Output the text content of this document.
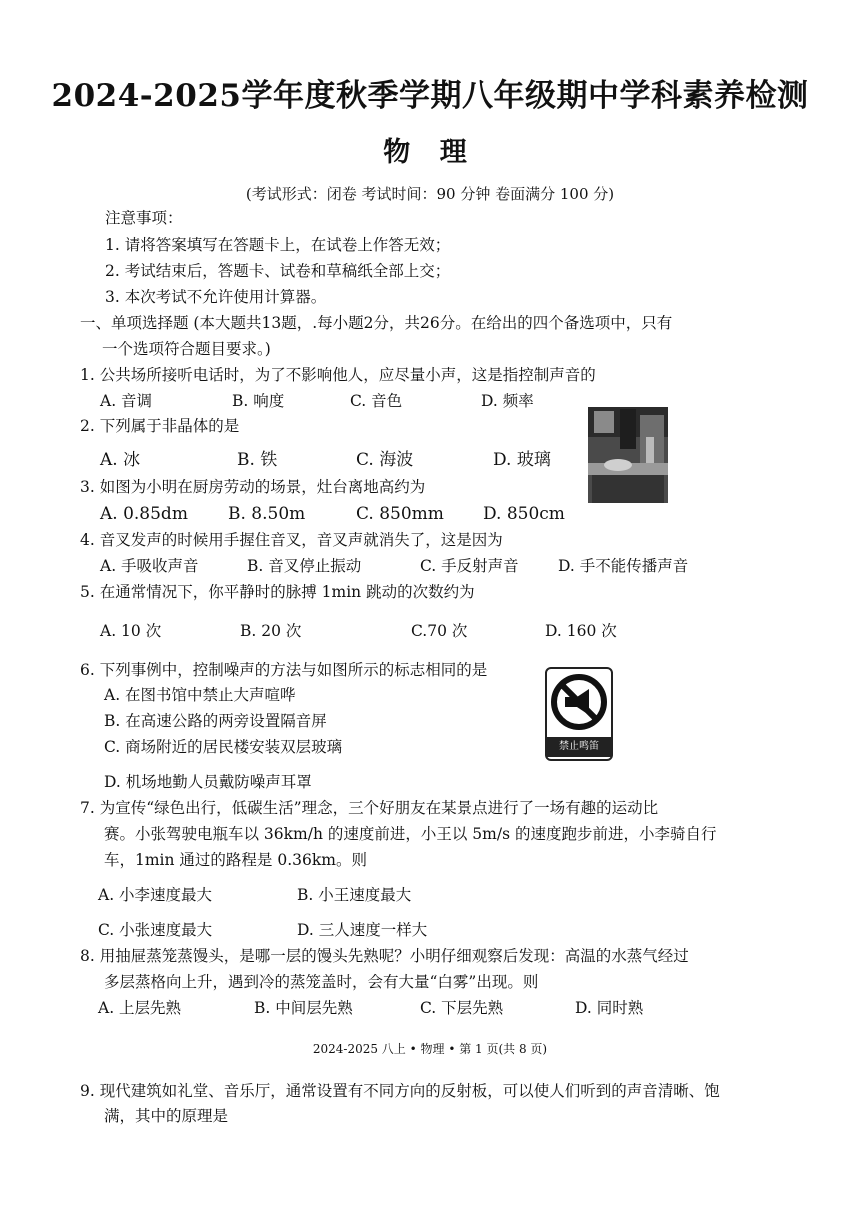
2024-2025学年度秋季学期八年级期中学科素养检测
物 理
(考试形式：闭卷 考试时间：90 分钟 卷面满分 100 分)
注意事项：
1. 请将答案填写在答题卡上，在试卷上作答无效；
2. 考试结束后，答题卡、试卷和草稿纸全部上交；
3. 本次考试不允许使用计算器。
一、单项选择题 (本大题共13题，.每小题2分，共26分。在给出的四个备选项中，只有
一个选项符合题目要求。)
1. 公共场所接听电话时，为了不影响他人，应尽量小声，这是指控制声音的
A. 音调	B. 响度	C. 音色	D. 频率
2. 下列属于非晶体的是
A. 冰	B. 铁	C. 海波	D. 玻璃
3. 如图为小明在厨房劳动的场景，灶台离地高约为
A. 0.85dm B. 8.50m	C. 850mm D. 850cm
4. 音叉发声的时候用手握住音叉，音叉声就消失了，这是因为
A. 手吸收声音	B. 音叉停止振动	C. 手反射声音	D. 手不能传播声音
5. 在通常情况下，你平静时的脉搏 1min 跳动的次数约为
A. 10 次	B. 20 次	C.70 次	D. 160 次
6. 下列事例中，控制噪声的方法与如图所示的标志相同的是
A. 在图书馆中禁止大声喧哗
B. 在高速公路的两旁设置隔音屏
C. 商场附近的居民楼安装双层玻璃
D. 机场地勤人员戴防噪声耳罩
禁止鸣笛
7. 为宣传“绿色出行，低碳生活”理念，三个好朋友在某景点进行了一场有趣的运动比
赛。小张驾驶电瓶车以 36km/h 的速度前进，小王以 5m/s 的速度跑步前进，小李骑自行
车，1min 通过的路程是 0.36km。则
A. 小李速度最大	B. 小王速度最大
C. 小张速度最大	D. 三人速度一样大
8. 用抽屉蒸笼蒸馒头，是哪一层的馒头先熟呢？小明仔细观察后发现：高温的水蒸气经过
多层蒸格向上升，遇到冷的蒸笼盖时，会有大量“白雾”出现。则
A. 上层先熟	B. 中间层先熟	C. 下层先熟	D. 同时熟
2024-2025 八上 • 物理 • 第 1 页(共 8 页)
9. 现代建筑如礼堂、音乐厅，通常设置有不同方向的反射板，可以使人们听到的声音清晰、饱
满，其中的原理是
